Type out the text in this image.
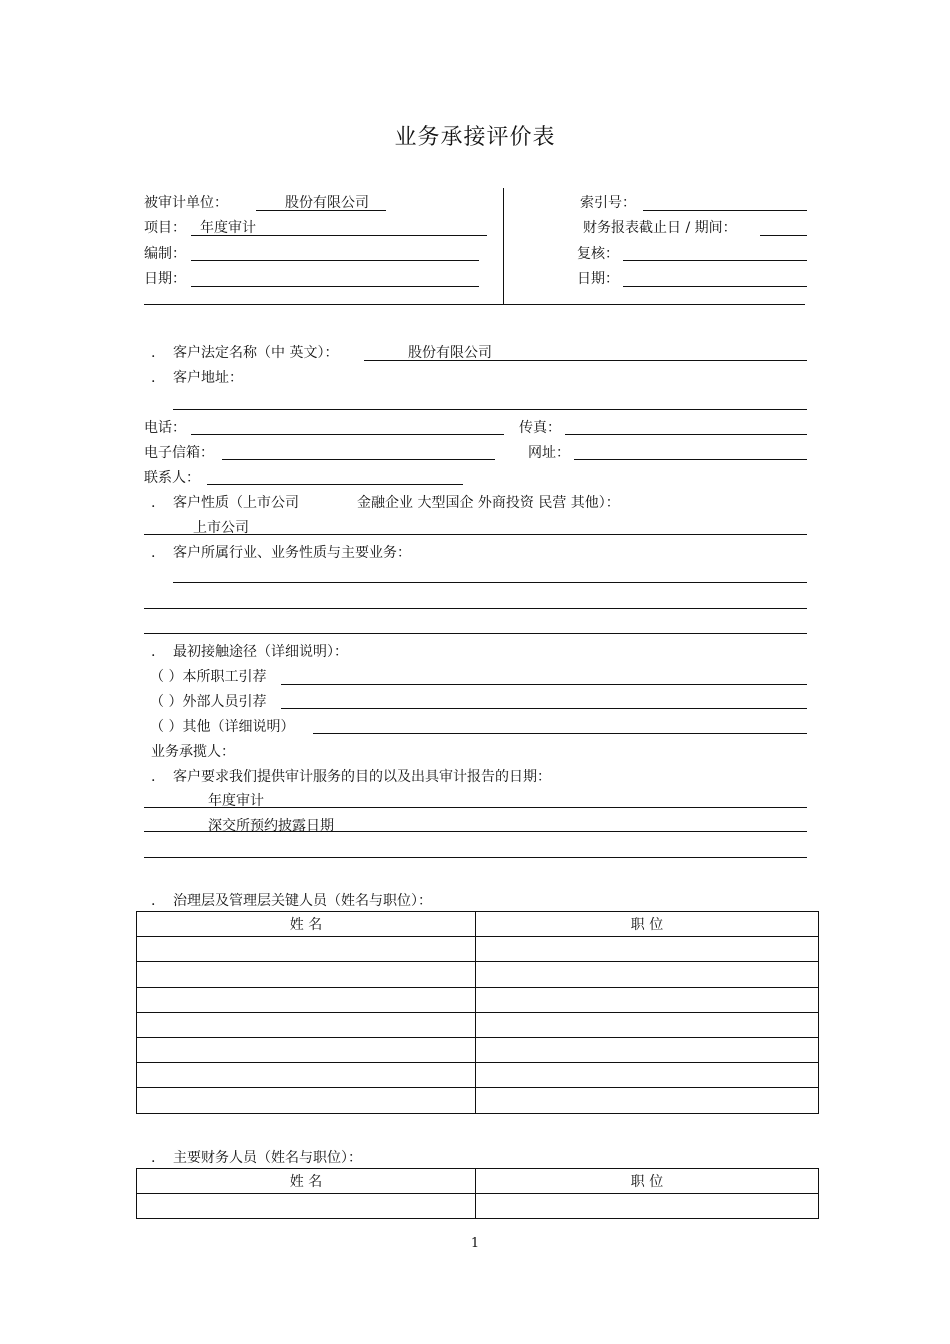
业务承接评价表
被审计单位：	股份有限公司
项目： 年度审计
编制：
日期：
索引号：
财务报表截止日 / 期间：
复核：
日期：
. 客户法定名称（中 英文）：	股份有限公司
. 客户地址：
电话：	传真：
电子信箱：	网址：
联系人：
. 客户性质（上市公司	金融企业 大型国企 外商投资 民营 其他）：
上市公司
. 客户所属行业、业务性质与主要业务：
. 最初接触途径（详细说明）：
（ ）本所职工引荐
（ ）外部人员引荐
（ ）其他（详细说明）
业务承揽人：
. 客户要求我们提供审计服务的目的以及出具审计报告的日期：
年度审计
深交所预约披露日期
. 治理层及管理层关键人员（姓名与职位）：
姓 名	职 位

. 主要财务人员（姓名与职位）：
姓 名	职 位

1
